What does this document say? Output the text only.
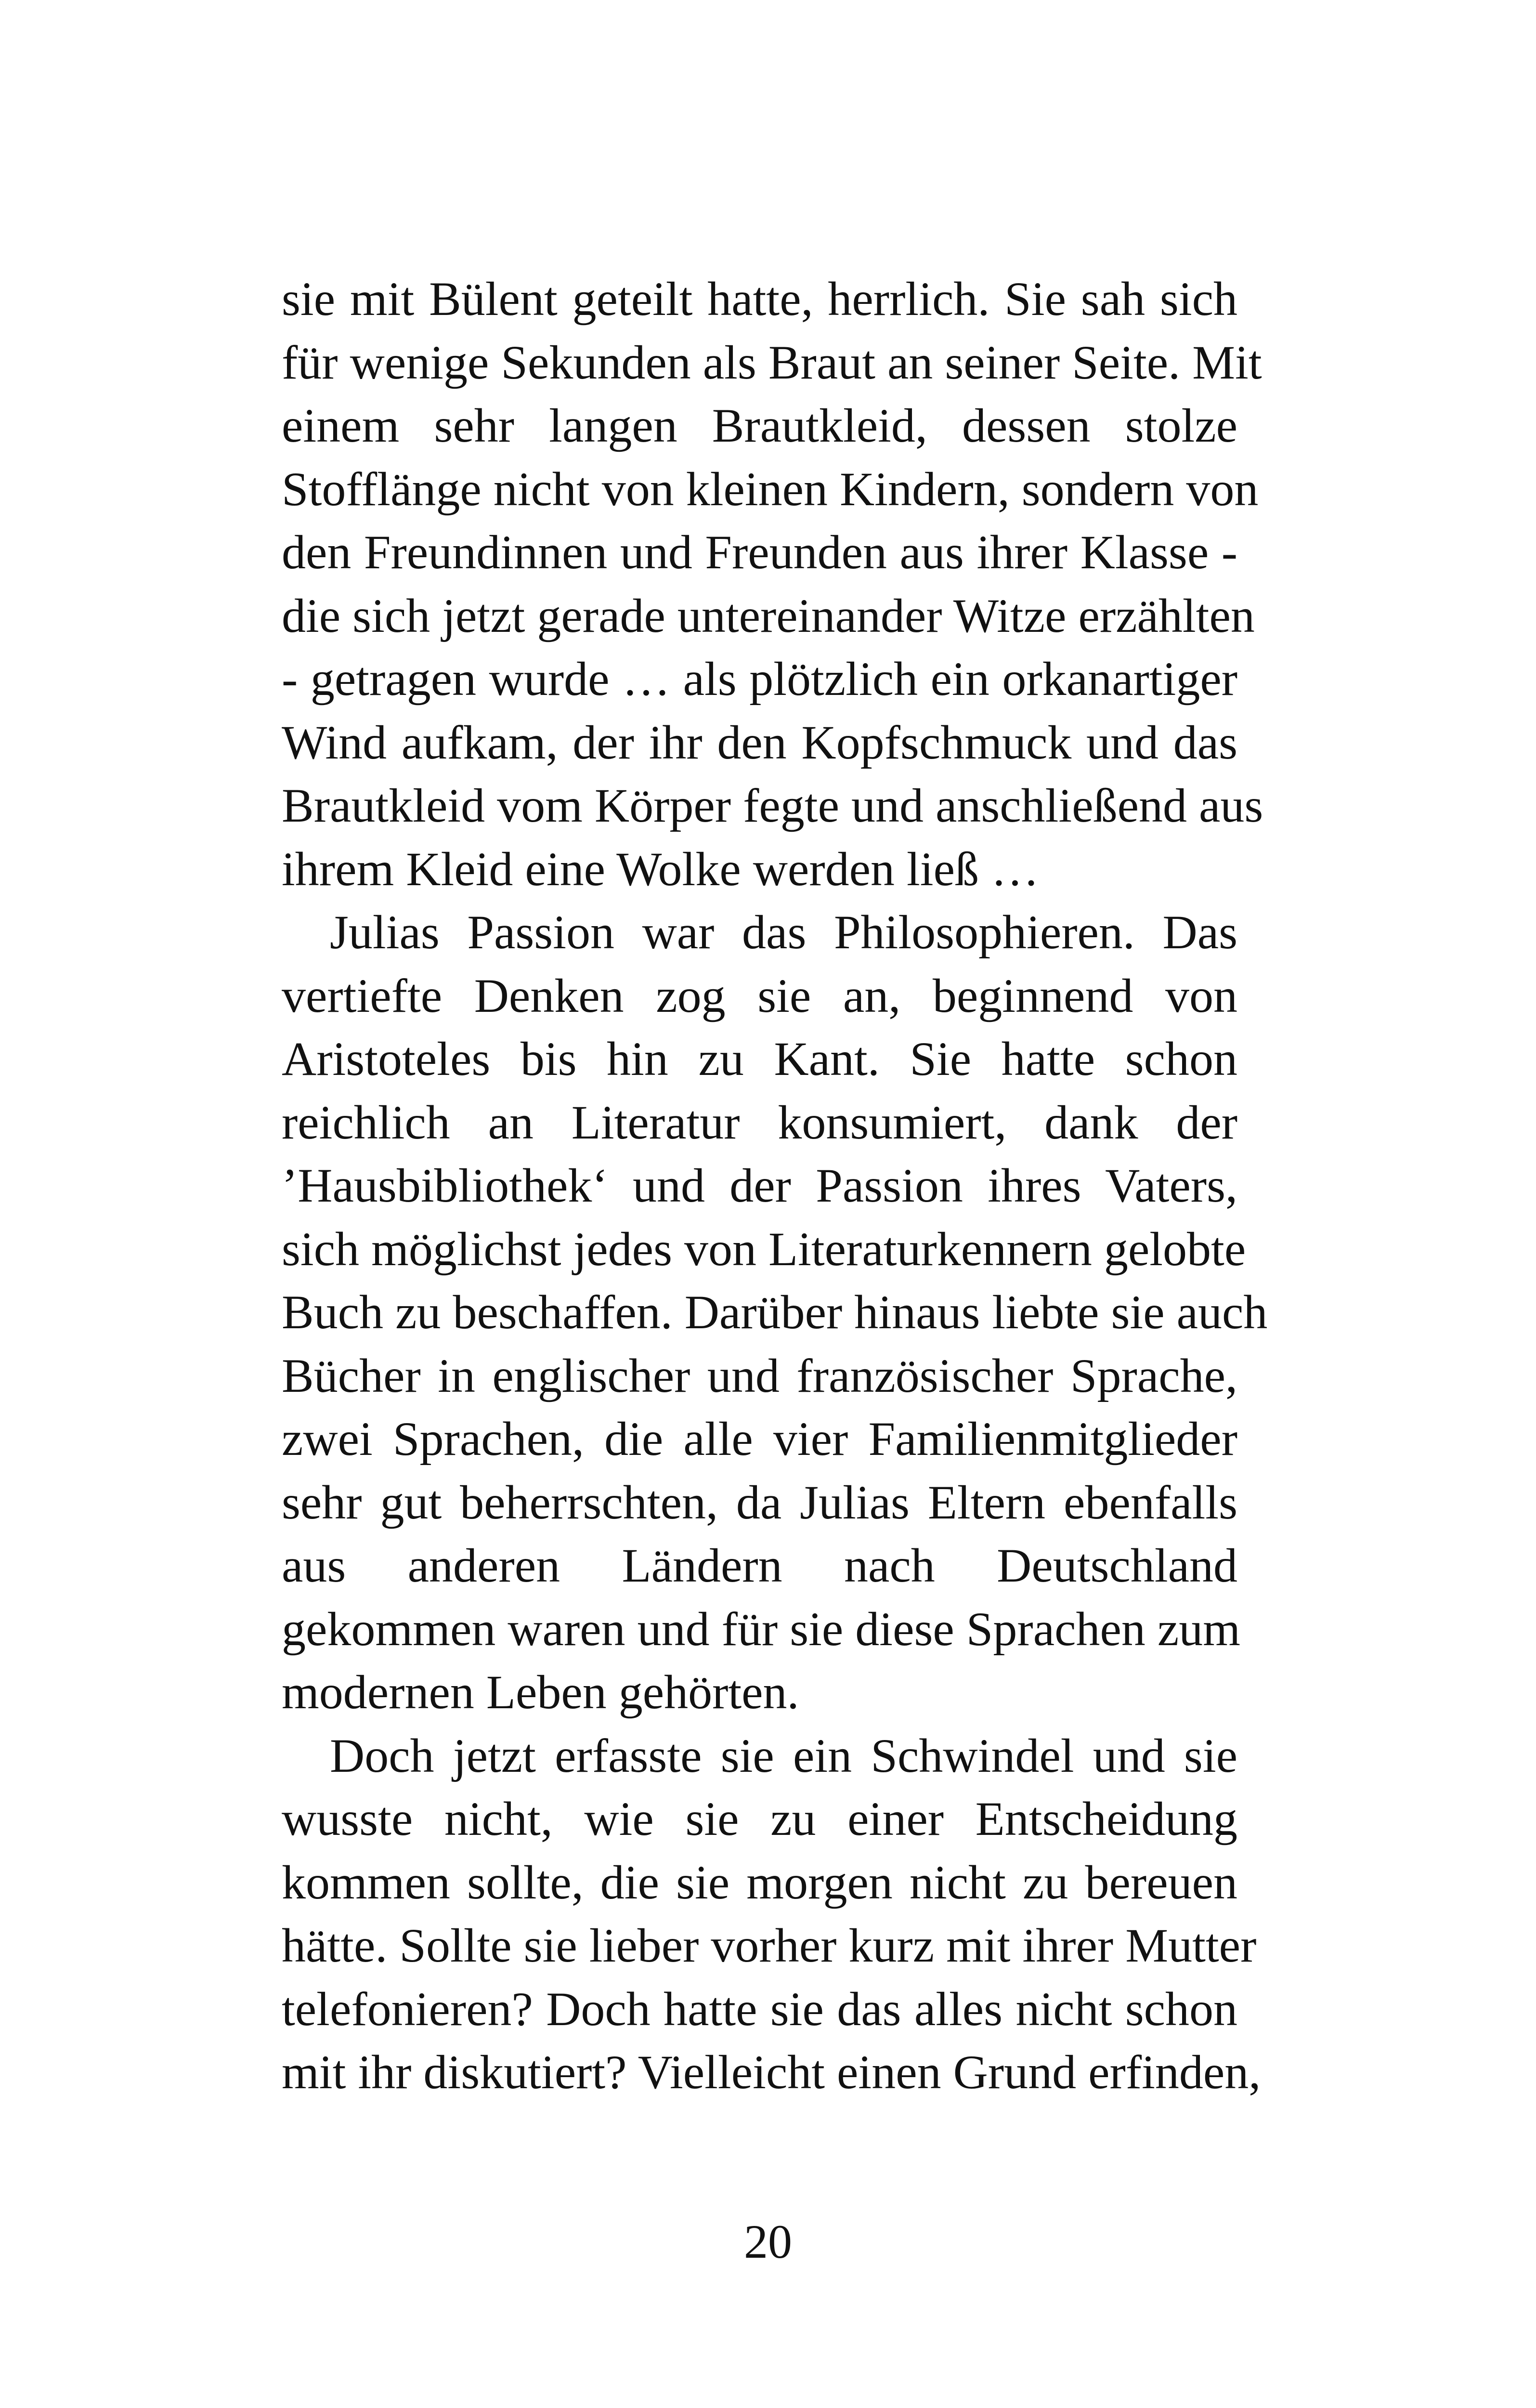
sie mit Bülent geteilt hatte, herrlich. Sie sah sich
für wenige Sekunden als Braut an seiner Seite. Mit
einem sehr langen Brautkleid, dessen stolze
Stofflänge nicht von kleinen Kindern, sondern von
den Freundinnen und Freunden aus ihrer Klasse -
die sich jetzt gerade untereinander Witze erzählten
- getragen wurde … als plötzlich ein orkanartiger
Wind aufkam, der ihr den Kopfschmuck und das
Brautkleid vom Körper fegte und anschließend aus
ihrem Kleid eine Wolke werden ließ …
Julias Passion war das Philosophieren. Das
vertiefte Denken zog sie an, beginnend von
Aristoteles bis hin zu Kant. Sie hatte schon
reichlich an Literatur konsumiert, dank der
’Hausbibliothek‘ und der Passion ihres Vaters,
sich möglichst jedes von Literaturkennern gelobte
Buch zu beschaffen. Darüber hinaus liebte sie auch
Bücher in englischer und französischer Sprache,
zwei Sprachen, die alle vier Familienmitglieder
sehr gut beherrschten, da Julias Eltern ebenfalls
aus anderen Ländern nach Deutschland
gekommen waren und für sie diese Sprachen zum
modernen Leben gehörten.
Doch jetzt erfasste sie ein Schwindel und sie
wusste nicht, wie sie zu einer Entscheidung
kommen sollte, die sie morgen nicht zu bereuen
hätte. Sollte sie lieber vorher kurz mit ihrer Mutter
telefonieren? Doch hatte sie das alles nicht schon
mit ihr diskutiert? Vielleicht einen Grund erfinden,
20
